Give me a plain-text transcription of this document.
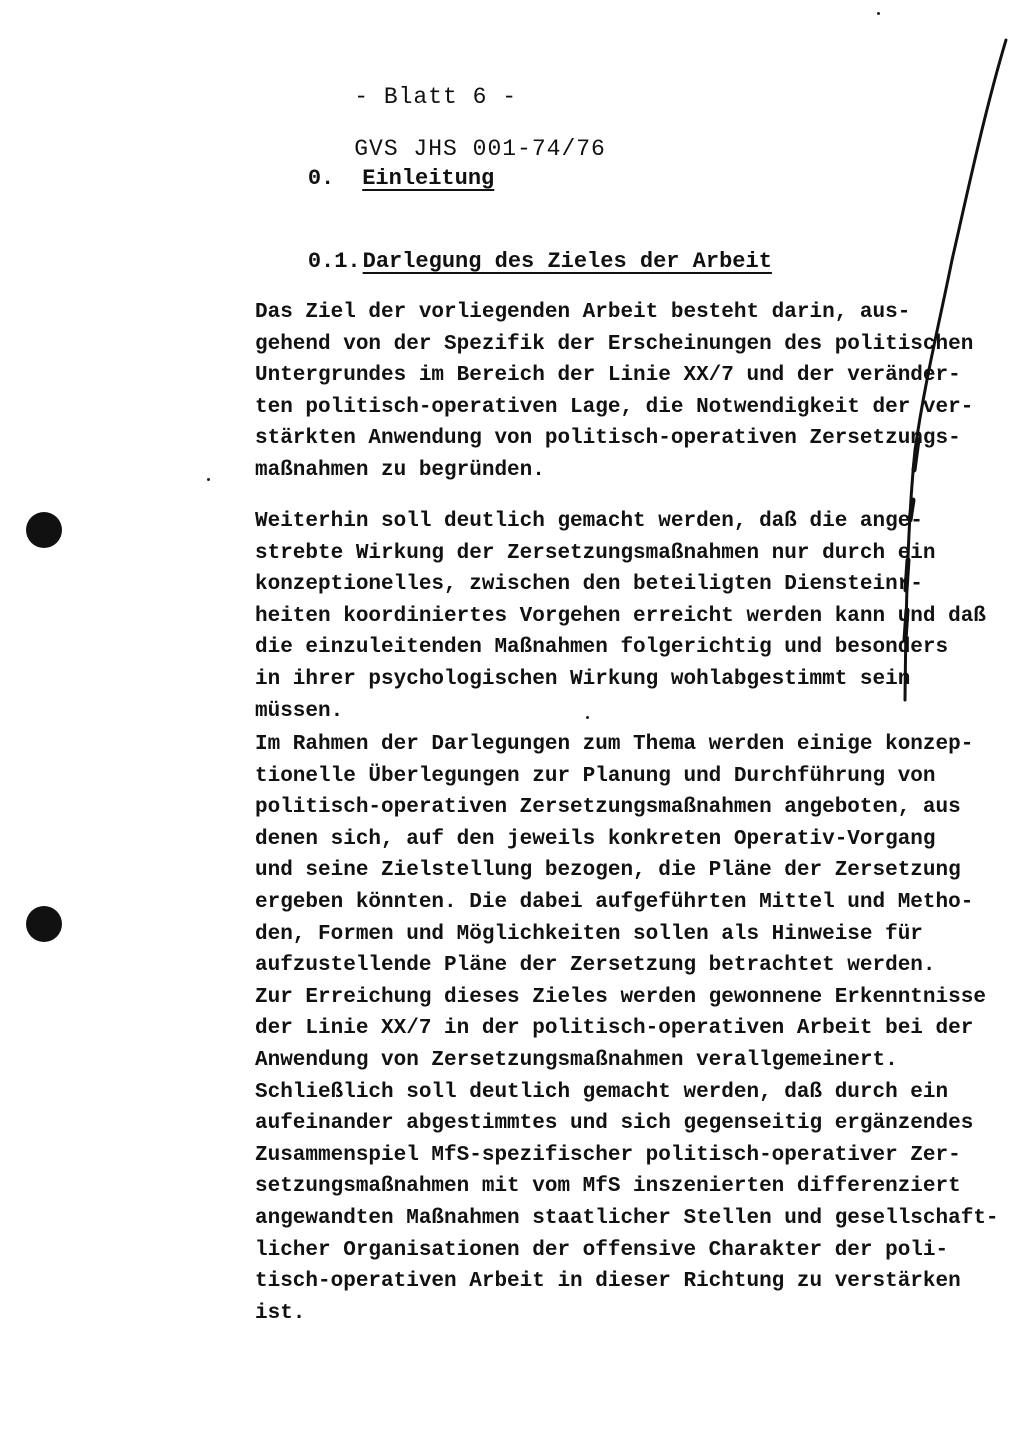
- Blatt 6 -

GVS JHS 001-74/76

0. Einleitung

0.1.Darlegung des Zieles der Arbeit

Das Ziel der vorliegenden Arbeit besteht darin, aus-
gehend von der Spezifik der Erscheinungen des politischen
Untergrundes im Bereich der Linie XX/7 und der veränder-
ten politisch-operativen Lage, die Notwendigkeit der ver-
stärkten Anwendung von politisch-operativen Zersetzungs-
maßnahmen zu begründen.
Weiterhin soll deutlich gemacht werden, daß die ange-
strebte Wirkung der Zersetzungsmaßnahmen nur durch ein
konzeptionelles, zwischen den beteiligten Diensteinr-
heiten koordiniertes Vorgehen erreicht werden kann und daß
die einzuleitenden Maßnahmen folgerichtig und besonders
in ihrer psychologischen Wirkung wohlabgestimmt sein
müssen.
Im Rahmen der Darlegungen zum Thema werden einige konzep-
tionelle Überlegungen zur Planung und Durchführung von
politisch-operativen Zersetzungsmaßnahmen angeboten, aus
denen sich, auf den jeweils konkreten Operativ-Vorgang
und seine Zielstellung bezogen, die Pläne der Zersetzung
ergeben könnten. Die dabei aufgeführten Mittel und Metho-
den, Formen und Möglichkeiten sollen als Hinweise für
aufzustellende Pläne der Zersetzung betrachtet werden.
Zur Erreichung dieses Zieles werden gewonnene Erkenntnisse
der Linie XX/7 in der politisch-operativen Arbeit bei der
Anwendung von Zersetzungsmaßnahmen verallgemeinert.
Schließlich soll deutlich gemacht werden, daß durch ein
aufeinander abgestimmtes und sich gegenseitig ergänzendes
Zusammenspiel MfS-spezifischer politisch-operativer Zer-
setzungsmaßnahmen mit vom MfS inszenierten differenziert
angewandten Maßnahmen staatlicher Stellen und gesellschaft-
licher Organisationen der offensive Charakter der poli-
tisch-operativen Arbeit in dieser Richtung zu verstärken
ist.
